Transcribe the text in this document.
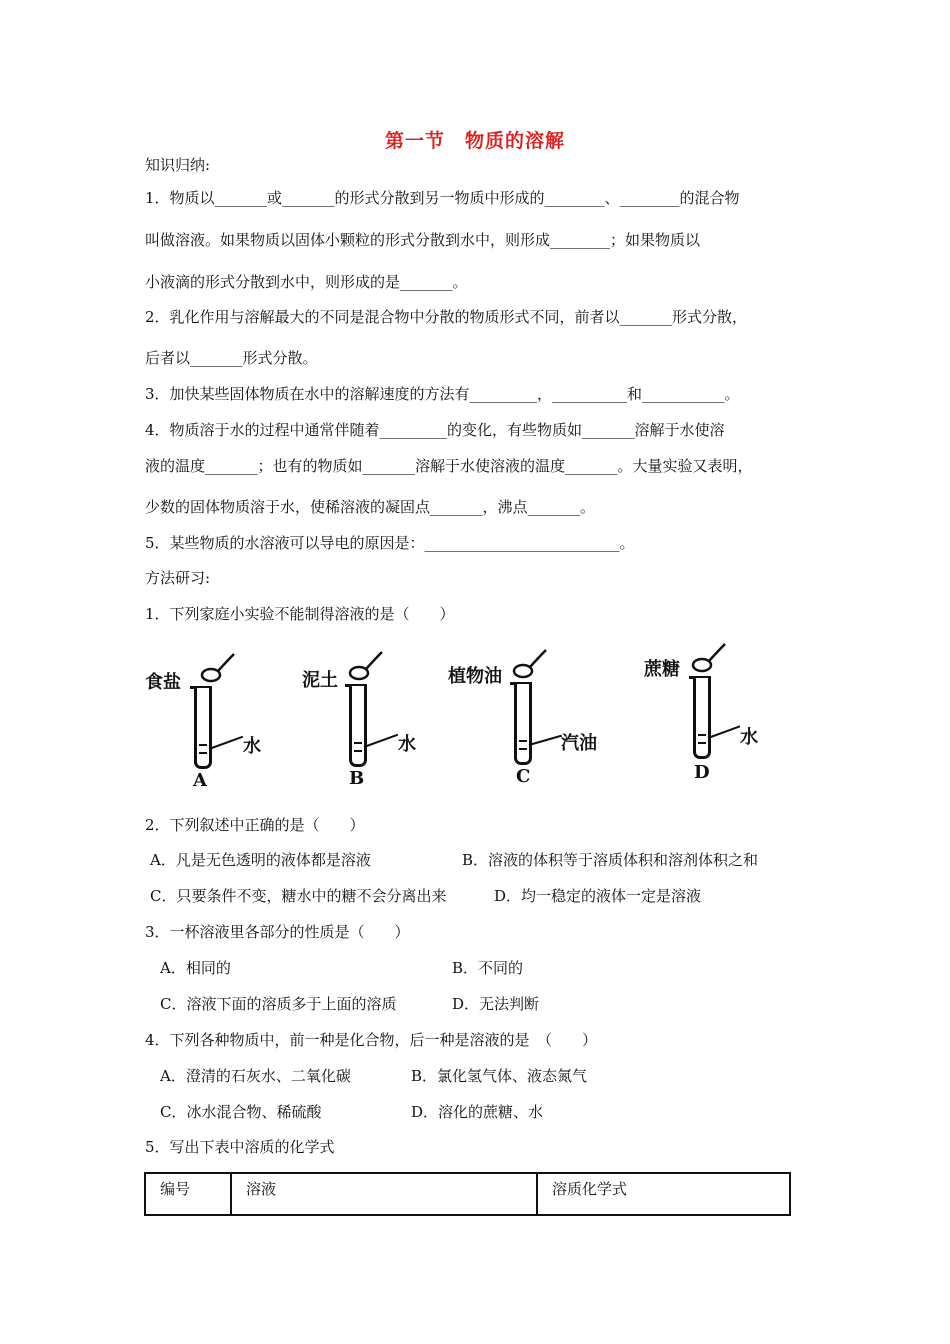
第一节　物质的溶解
知识归纳:
1．物质以_______或_______的形式分散到另一物质中形成的________、________的混合物
叫做溶液。如果物质以固体小颗粒的形式分散到水中，则形成________；如果物质以
小液滴的形式分散到水中，则形成的是_______。
2．乳化作用与溶解最大的不同是混合物中分散的物质形式不同，前者以_______形式分散，
后者以_______形式分散。
3．加快某些固体物质在水中的溶解速度的方法有_________，__________和___________。
4．物质溶于水的过程中通常伴随着_________的变化，有些物质如_______溶解于水使溶
液的温度_______；也有的物质如_______溶解于水使溶液的温度_______。大量实验又表明，
少数的固体物质溶于水，使稀溶液的凝固点_______，沸点_______。
5．某些物质的水溶液可以导电的原因是：__________________________。
方法研习:
1．下列家庭小实验不能制得溶液的是（　　）
食盐
水
A
泥土
水
B
植物油
汽油
C
蔗糖
水
D
2．下列叙述中正确的是（　　）
A．凡是无色透明的液体都是溶液	B．溶液的体积等于溶质体积和溶剂体积之和
C．只要条件不变，糖水中的糖不会分离出来	D．均一稳定的液体一定是溶液
3．一杯溶液里各部分的性质是（　　）
A．相同的	B．不同的
C．溶液下面的溶质多于上面的溶质	D．无法判断
4．下列各种物质中，前一种是化合物，后一种是溶液的是　（　　）
A．澄清的石灰水、二氧化碳	B．氯化氢气体、液态氮气
C．冰水混合物、稀硫酸	D．溶化的蔗糖、水
5．写出下表中溶质的化学式
编号	溶液	溶质化学式
